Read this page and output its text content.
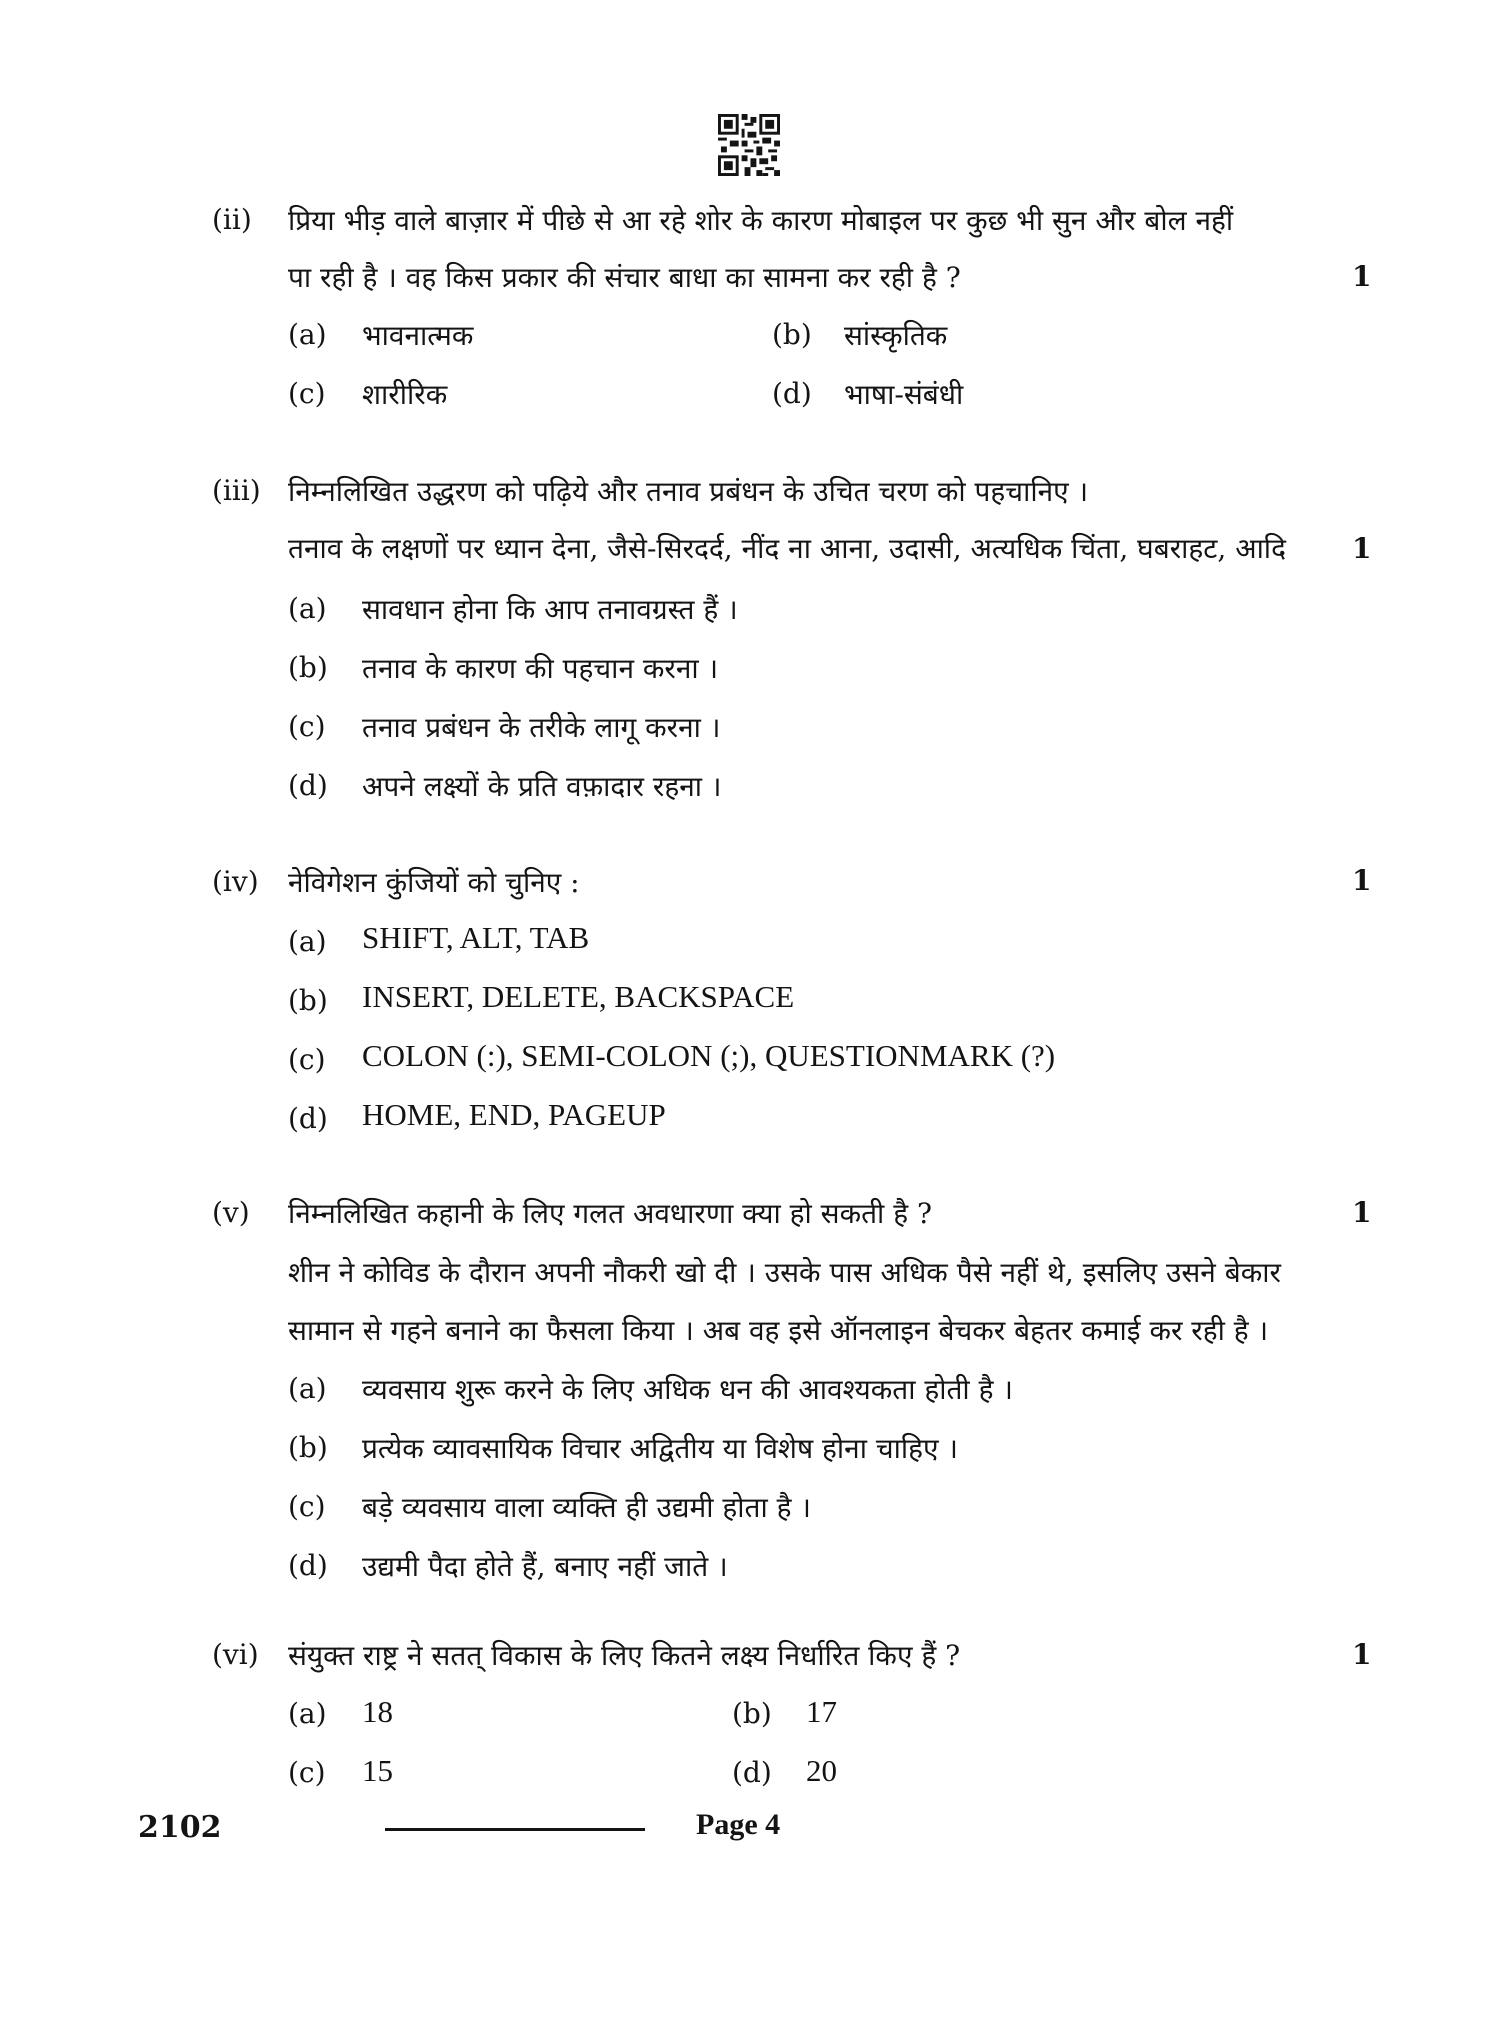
(ii) प्रिया भीड़ वाले बाज़ार में पीछे से आ रहे शोर के कारण मोबाइल पर कुछ भी सुन और बोल नहीं
पा रही है । वह किस प्रकार की संचार बाधा का सामना कर रही है ?	1
(a) भावनात्मक	(b) सांस्कृतिक
(c) शारीरिक	(d) भाषा-संबंधी
(iii) निम्नलिखित उद्धरण को पढ़िये और तनाव प्रबंधन के उचित चरण को पहचानिए ।
तनाव के लक्षणों पर ध्यान देना, जैसे-सिरदर्द, नींद ना आना, उदासी, अत्यधिक चिंता, घबराहट, आदि 1
(a) सावधान होना कि आप तनावग्रस्त हैं ।
(b) तनाव के कारण की पहचान करना ।
(c) तनाव प्रबंधन के तरीके लागू करना ।
(d) अपने लक्ष्यों के प्रति वफ़ादार रहना ।
(iv) नेविगेशन कुंजियों को चुनिए :	1
(a) SHIFT, ALT, TAB
(b) INSERT, DELETE, BACKSPACE
(c) COLON (:), SEMI-COLON (;), QUESTIONMARK (?)
(d) HOME, END, PAGEUP
(v) निम्नलिखित कहानी के लिए गलत अवधारणा क्या हो सकती है ?	1
शीन ने कोविड के दौरान अपनी नौकरी खो दी । उसके पास अधिक पैसे नहीं थे, इसलिए उसने बेकार
सामान से गहने बनाने का फैसला किया । अब वह इसे ऑनलाइन बेचकर बेहतर कमाई कर रही है ।
(a) व्यवसाय शुरू करने के लिए अधिक धन की आवश्यकता होती है ।
(b) प्रत्येक व्यावसायिक विचार अद्वितीय या विशेष होना चाहिए ।
(c) बड़े व्यवसाय वाला व्यक्ति ही उद्यमी होता है ।
(d) उद्यमी पैदा होते हैं, बनाए नहीं जाते ।
(vi) संयुक्त राष्ट्र ने सतत् विकास के लिए कितने लक्ष्य निर्धारित किए हैं ?	1
(a) 18	(b) 17
(c) 15	(d) 20
2102	Page 4
